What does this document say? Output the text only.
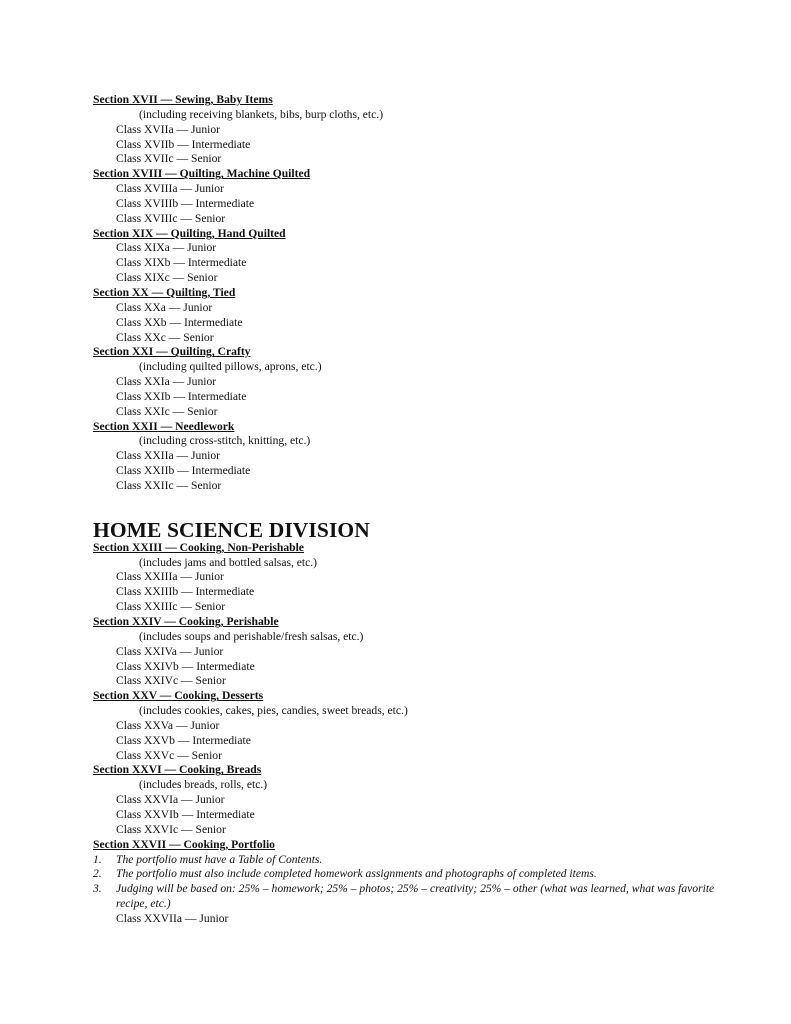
Section XVII — Sewing, Baby Items
(including receiving blankets, bibs, burp cloths, etc.)
Class XVIIa — Junior
Class XVIIb — Intermediate
Class XVIIc — Senior
Section XVIII — Quilting, Machine Quilted
Class XVIIIa — Junior
Class XVIIIb — Intermediate
Class XVIIIc — Senior
Section XIX — Quilting, Hand Quilted
Class XIXa — Junior
Class XIXb — Intermediate
Class XIXc — Senior
Section XX — Quilting, Tied
Class XXa — Junior
Class XXb — Intermediate
Class XXc — Senior
Section XXI — Quilting, Crafty
(including quilted pillows, aprons, etc.)
Class XXIa — Junior
Class XXIb — Intermediate
Class XXIc — Senior
Section XXII — Needlework
(including cross-stitch, knitting, etc.)
Class XXIIa — Junior
Class XXIIb — Intermediate
Class XXIIc — Senior
HOME SCIENCE DIVISION
Section XXIII — Cooking, Non-Perishable
(includes jams and bottled salsas, etc.)
Class XXIIIa — Junior
Class XXIIIb — Intermediate
Class XXIIIc — Senior
Section XXIV — Cooking, Perishable
(includes soups and perishable/fresh salsas, etc.)
Class XXIVa — Junior
Class XXIVb — Intermediate
Class XXIVc — Senior
Section XXV — Cooking, Desserts
(includes cookies, cakes, pies, candies, sweet breads, etc.)
Class XXVa — Junior
Class XXVb — Intermediate
Class XXVc — Senior
Section XXVI — Cooking, Breads
(includes breads, rolls, etc.)
Class XXVIa — Junior
Class XXVIb — Intermediate
Class XXVIc — Senior
Section XXVII — Cooking, Portfolio
1. The portfolio must have a Table of Contents.
2. The portfolio must also include completed homework assignments and photographs of completed items.
3. Judging will be based on: 25% – homework; 25% – photos; 25% – creativity; 25% – other (what was learned, what was favorite recipe, etc.)
Class XXVIIa — Junior
